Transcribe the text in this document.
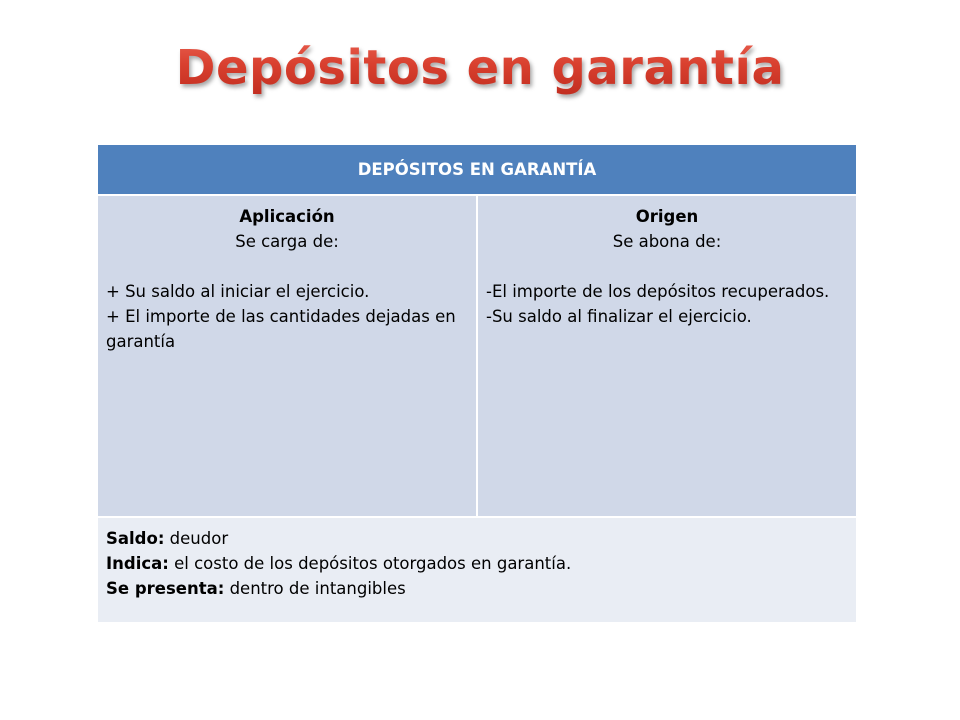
Depósitos en garantía
DEPÓSITOS EN GARANTÍA

Aplicación
Se carga de:
+ Su saldo al iniciar el ejercicio.
+ El importe de las cantidades dejadas en garantía

Origen
Se abona de:
-El importe de los depósitos recuperados.
-Su saldo al finalizar el ejercicio.

Saldo: deudor
Indica: el costo de los depósitos otorgados en garantía.
Se presenta: dentro de intangibles
